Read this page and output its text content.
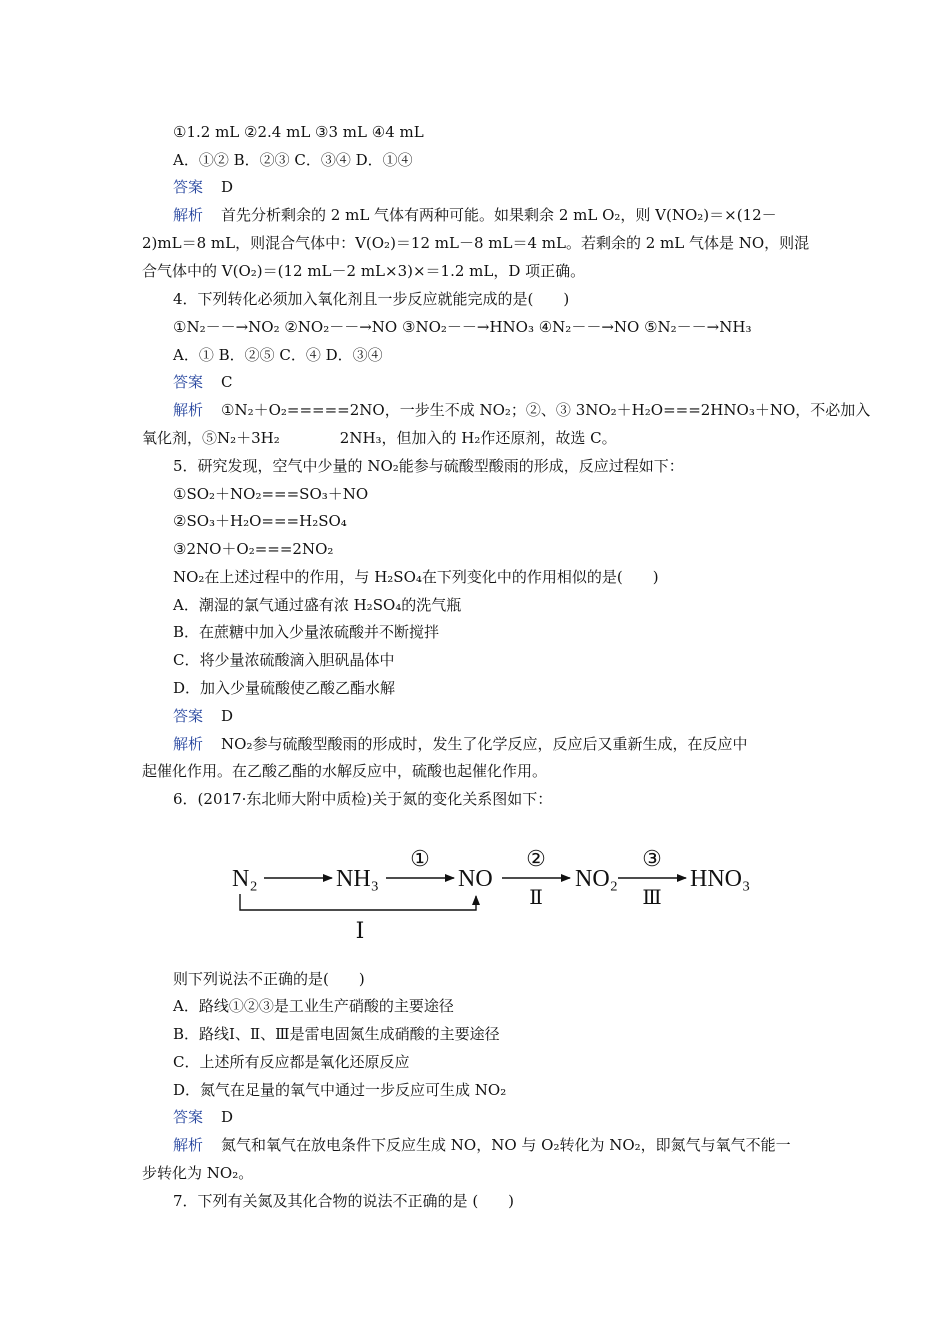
①1.2 mL ②2.4 mL ③3 mL ④4 mL
A．①② B．②③ C．③④ D．①④
答案 D
解析 首先分析剩余的 2 mL 气体有两种可能。如果剩余 2 mL O₂，则 V(NO₂)＝×(12－
2)mL＝8 mL，则混合气体中：V(O₂)＝12 mL－8 mL＝4 mL。若剩余的 2 mL 气体是 NO，则混
合气体中的 V(O₂)＝(12 mL－2 mL×3)×＝1.2 mL，D 项正确。
4．下列转化必须加入氧化剂且一步反应就能完成的是(　　)
①N₂－－→NO₂ ②NO₂－－→NO ③NO₂－－→HNO₃ ④N₂－－→NO ⑤N₂－－→NH₃
A．① B．②⑤ C．④ D．③④
答案 C
解析 ①N₂＋O₂=====2NO，一步生不成 NO₂；②、③ 3NO₂＋H₂O===2HNO₃＋NO，不必加入
氧化剂，⑤N₂＋3H₂　　　　2NH₃，但加入的 H₂作还原剂，故选 C。
5．研究发现，空气中少量的 NO₂能参与硫酸型酸雨的形成，反应过程如下：
①SO₂＋NO₂===SO₃＋NO
②SO₃＋H₂O===H₂SO₄
③2NO＋O₂===2NO₂
NO₂在上述过程中的作用，与 H₂SO₄在下列变化中的作用相似的是(　　)
A．潮湿的氯气通过盛有浓 H₂SO₄的洗气瓶
B．在蔗糖中加入少量浓硫酸并不断搅拌
C．将少量浓硫酸滴入胆矾晶体中
D．加入少量硫酸使乙酸乙酯水解
答案 D
解析 NO₂参与硫酸型酸雨的形成时，发生了化学反应，反应后又重新生成，在反应中
起催化作用。在乙酸乙酯的水解反应中，硫酸也起催化作用。
6．(2017·东北师大附中质检)关于氮的变化关系图如下：
N₂	NH₃	NO	NO₂	HNO₃
①	②	③
Ⅱ	Ⅲ
Ⅰ
则下列说法不正确的是(　　)
A．路线①②③是工业生产硝酸的主要途径
B．路线Ⅰ、Ⅱ、Ⅲ是雷电固氮生成硝酸的主要途径
C．上述所有反应都是氧化还原反应
D．氮气在足量的氧气中通过一步反应可生成 NO₂
答案 D
解析 氮气和氧气在放电条件下反应生成 NO，NO 与 O₂转化为 NO₂，即氮气与氧气不能一
步转化为 NO₂。
7．下列有关氮及其化合物的说法不正确的是 (　　)
